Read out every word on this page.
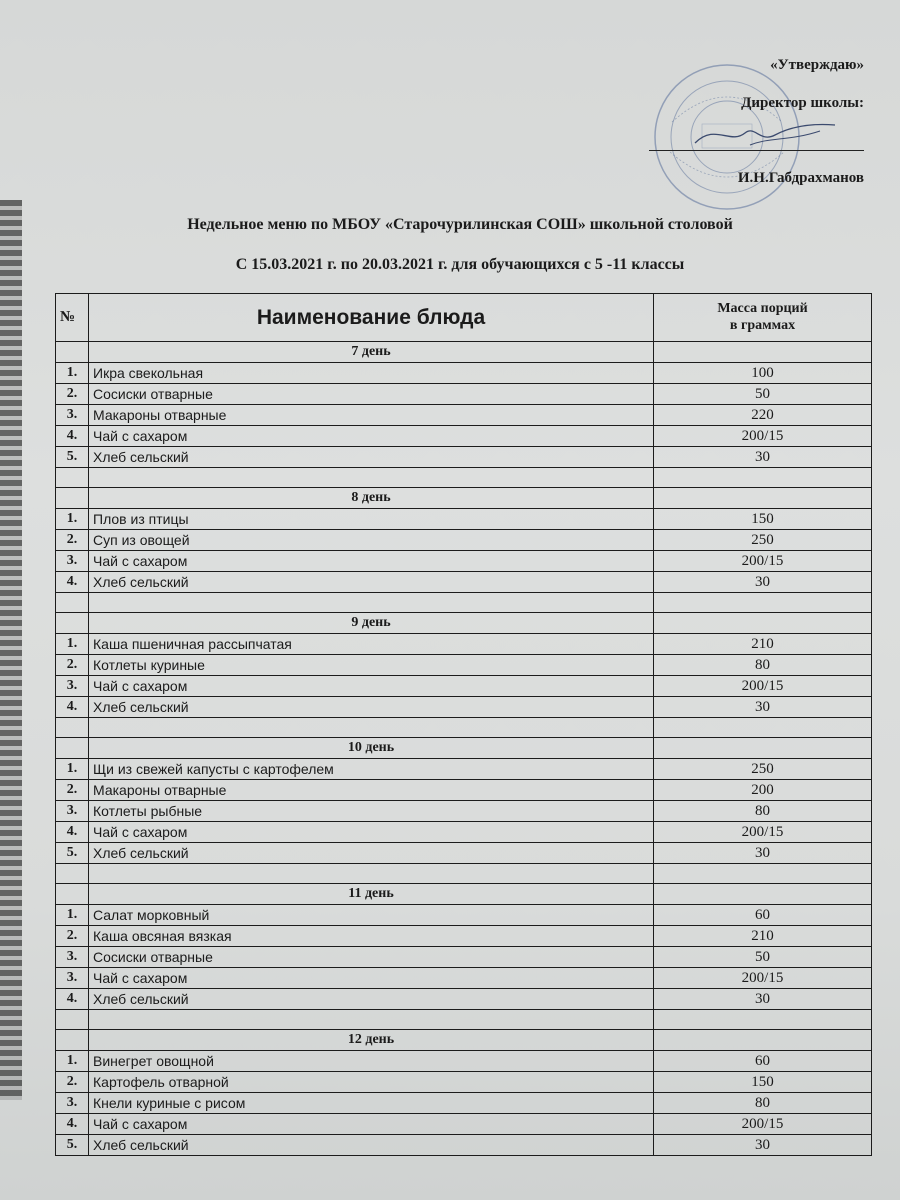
«Утверждаю»
Директор школы:
И.Н.Габдрахманов
Недельное меню по МБОУ «Старочурилинская СОШ» школьной столовой
С 15.03.2021 г. по 20.03.2021 г. для обучающихся с 5 -11 классы
№	Наименование блюда	Масса порций
в граммах
	7 день	
1.	Икра свекольная	100
2.	Сосиски отварные	50
3.	Макароны отварные	220
4.	Чай с сахаром	200/15
5.	Хлеб сельский	30

	8 день	
1.	Плов из птицы	150
2.	Суп из овощей	250
3.	Чай с сахаром	200/15
4.	Хлеб сельский	30

	9 день	
1.	Каша пшеничная рассыпчатая	210
2.	Котлеты куриные	80
3.	Чай с сахаром	200/15
4.	Хлеб сельский	30

	10 день	
1.	Щи из свежей капусты с картофелем	250
2.	Макароны отварные	200
3.	Котлеты рыбные	80
4.	Чай с сахаром	200/15
5.	Хлеб сельский	30

	11 день	
1.	Салат морковный	60
2.	Каша овсяная вязкая	210
3.	Сосиски отварные	50
3.	Чай с сахаром	200/15
4.	Хлеб сельский	30

	12 день	
1.	Винегрет овощной	60
2.	Картофель отварной	150
3.	Кнели куриные с рисом	80
4.	Чай с сахаром	200/15
5.	Хлеб сельский	30
